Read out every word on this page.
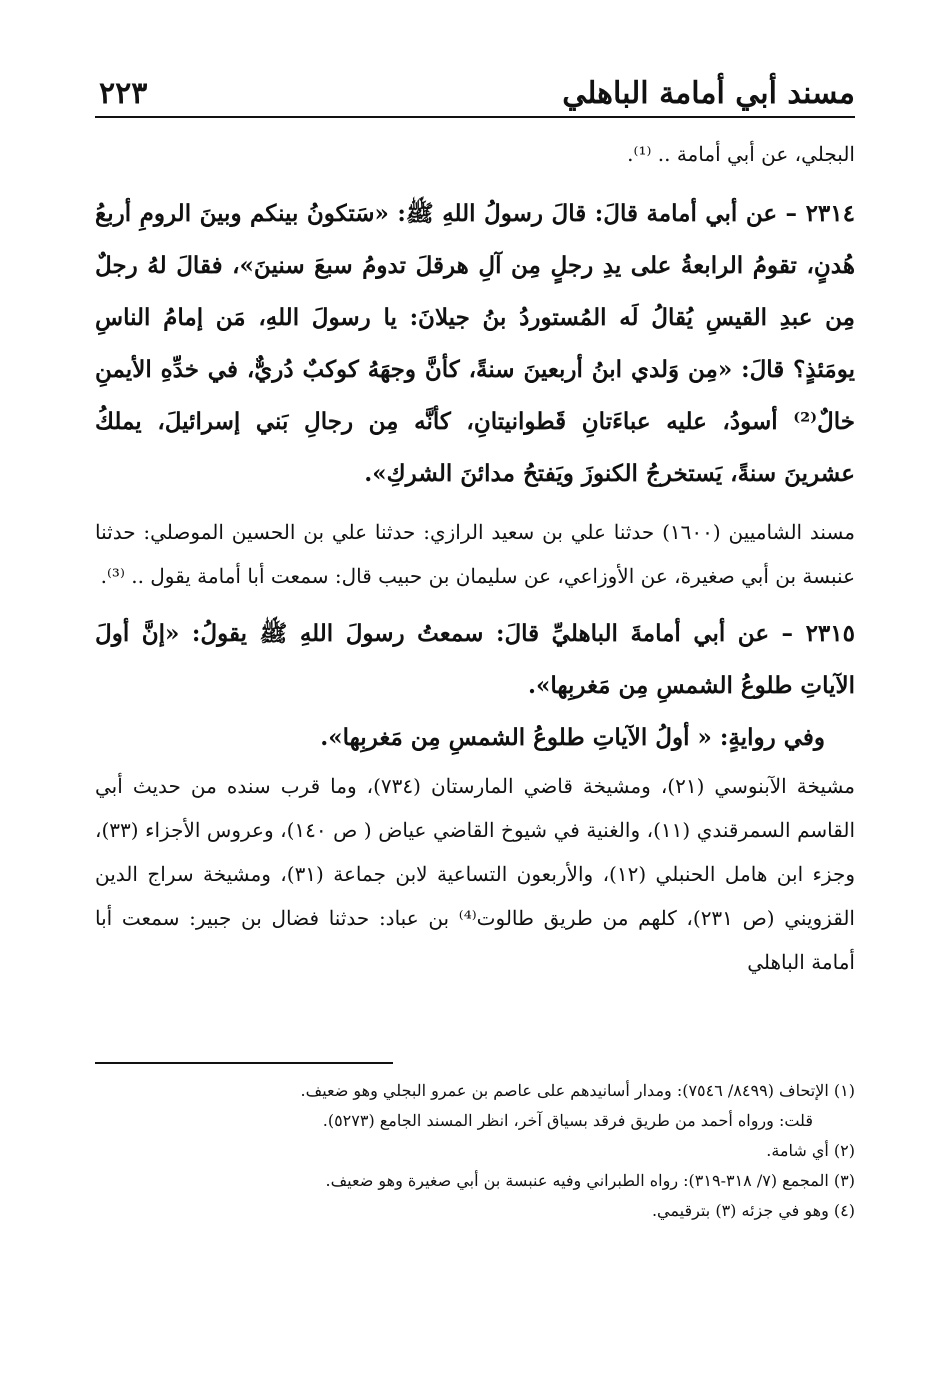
مسند أبي أمامة الباهلي
٢٢٣

البجلي، عن أبي أمامة .. ⁽¹⁾.

٢٣١٤ – عن أبي أمامة قالَ: قالَ رسولُ اللهِ ﷺ: «سَتكونُ بينكم وبينَ الرومِ أربعُ هُدنٍ، تقومُ الرابعةُ على يدِ رجلٍ مِن آلِ هرقلَ تدومُ سبعَ سنينَ»، فقالَ لهُ رجلٌ مِن عبدِ القيسِ يُقالُ لَه المُستوردُ بنُ جيلانَ: يا رسولَ اللهِ، مَن إمامُ الناسِ يومَئذٍ؟ قالَ: «مِن وَلدي ابنُ أربعينَ سنةً، كأنَّ وجهَهُ كوكبٌ دُريٌّ، في خدِّهِ الأيمنِ خالٌ⁽²⁾ أسودُ، عليه عباءَتانِ قَطوانيتانِ، كأنَّه مِن رجالِ بَني إسرائيلَ، يملكُ عشرينَ سنةً، يَستخرجُ الكنوزَ ويَفتحُ مدائنَ الشركِ».

مسند الشاميين (١٦٠٠) حدثنا علي بن سعيد الرازي: حدثنا علي بن الحسين الموصلي: حدثنا عنبسة بن أبي صغيرة، عن الأوزاعي، عن سليمان بن حبيب قال: سمعت أبا أمامة يقول .. ⁽³⁾.

٢٣١٥ – عن أبي أمامةَ الباهليِّ قالَ: سمعتُ رسولَ اللهِ ﷺ يقولُ: «إنَّ أولَ الآياتِ طلوعُ الشمسِ مِن مَغربِها».

وفي روايةٍ: « أولُ الآياتِ طلوعُ الشمسِ مِن مَغربِها».

مشيخة الآبنوسي (٢١)، ومشيخة قاضي المارستان (٧٣٤)، وما قرب سنده من حديث أبي القاسم السمرقندي (١١)، والغنية في شيوخ القاضي عياض ( ص ١٤٠)، وعروس الأجزاء (٣٣)، وجزء ابن هامل الحنبلي (١٢)، والأربعون التساعية لابن جماعة (٣١)، ومشيخة سراج الدين القزويني (ص ٢٣١)، كلهم من طريق طالوت⁽⁴⁾ بن عباد: حدثنا فضال بن جبير: سمعت أبا أمامة الباهلي

(١) الإتحاف (٨٤٩٩/ ٧٥٤٦): ومدار أسانيدهم على عاصم بن عمرو البجلي وهو ضعيف.

قلت: ورواه أحمد من طريق فرقد بسياق آخر، انظر المسند الجامع (٥٢٧٣).

(٢) أي شامة.

(٣) المجمع (٧/ ٣١٨-٣١٩): رواه الطبراني وفيه عنبسة بن أبي صغيرة وهو ضعيف.

(٤) وهو في جزئه (٣) بترقيمي.
